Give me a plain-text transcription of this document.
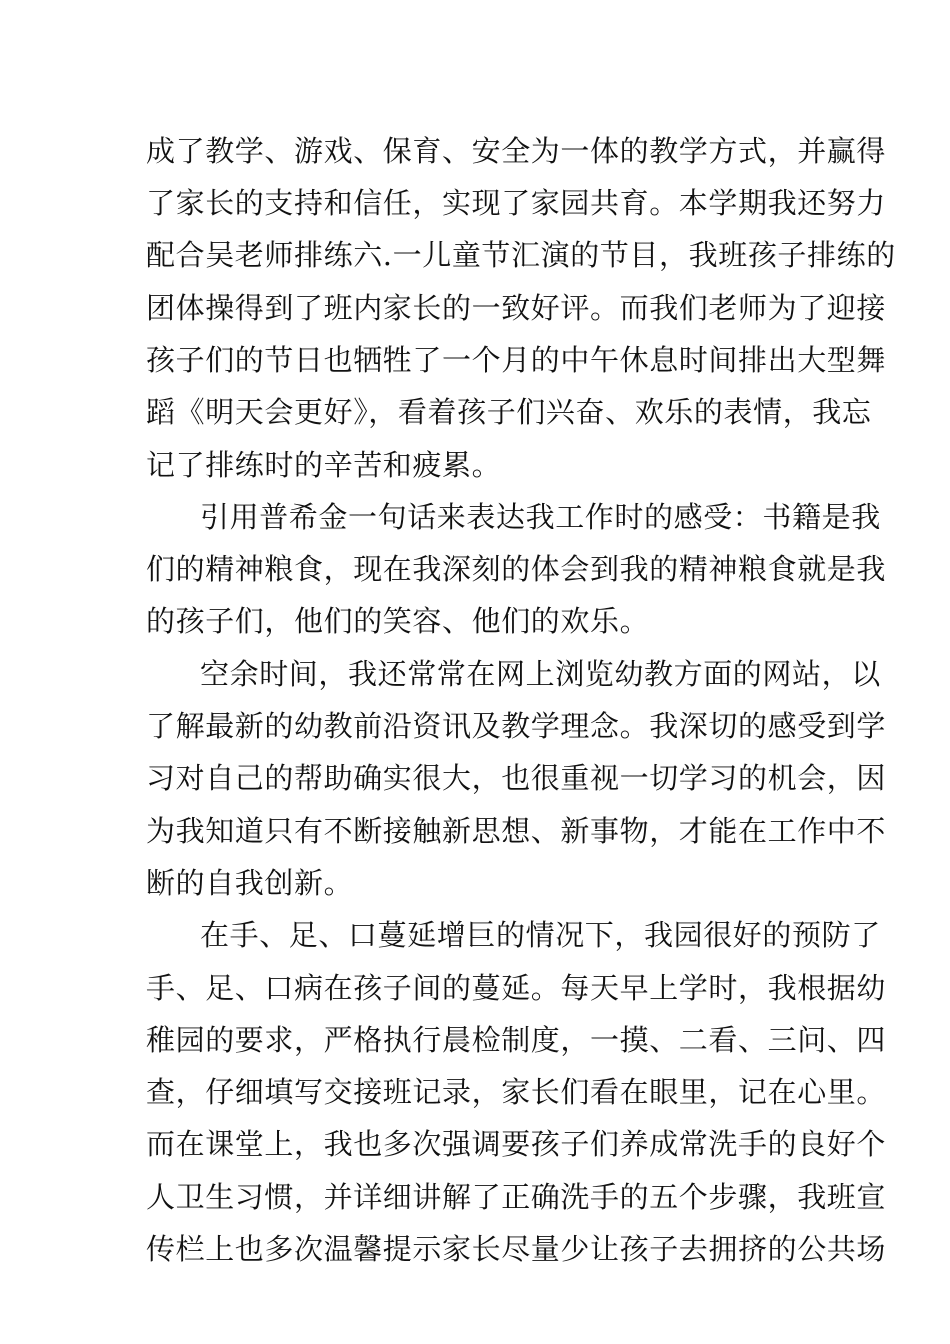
成了教学、游戏、保育、安全为一体的教学方式，并赢得
了家长的支持和信任，实现了家园共育。本学期我还努力
配合吴老师排练六.一儿童节汇演的节目，我班孩子排练的
团体操得到了班内家长的一致好评。而我们老师为了迎接
孩子们的节日也牺牲了一个月的中午休息时间排出大型舞
蹈《明天会更好》，看着孩子们兴奋、欢乐的表情，我忘
记了排练时的辛苦和疲累。
引用普希金一句话来表达我工作时的感受：书籍是我
们的精神粮食，现在我深刻的体会到我的精神粮食就是我
的孩子们，他们的笑容、他们的欢乐。
空余时间，我还常常在网上浏览幼教方面的网站，以
了解最新的幼教前沿资讯及教学理念。我深切的感受到学
习对自己的帮助确实很大，也很重视一切学习的机会，因
为我知道只有不断接触新思想、新事物，才能在工作中不
断的自我创新。
在手、足、口蔓延增巨的情况下，我园很好的预防了
手、足、口病在孩子间的蔓延。每天早上学时，我根据幼
稚园的要求，严格执行晨检制度，一摸、二看、三问、四
查，仔细填写交接班记录，家长们看在眼里，记在心里。
而在课堂上，我也多次强调要孩子们养成常洗手的良好个
人卫生习惯，并详细讲解了正确洗手的五个步骤，我班宣
传栏上也多次温馨提示家长尽量少让孩子去拥挤的公共场
